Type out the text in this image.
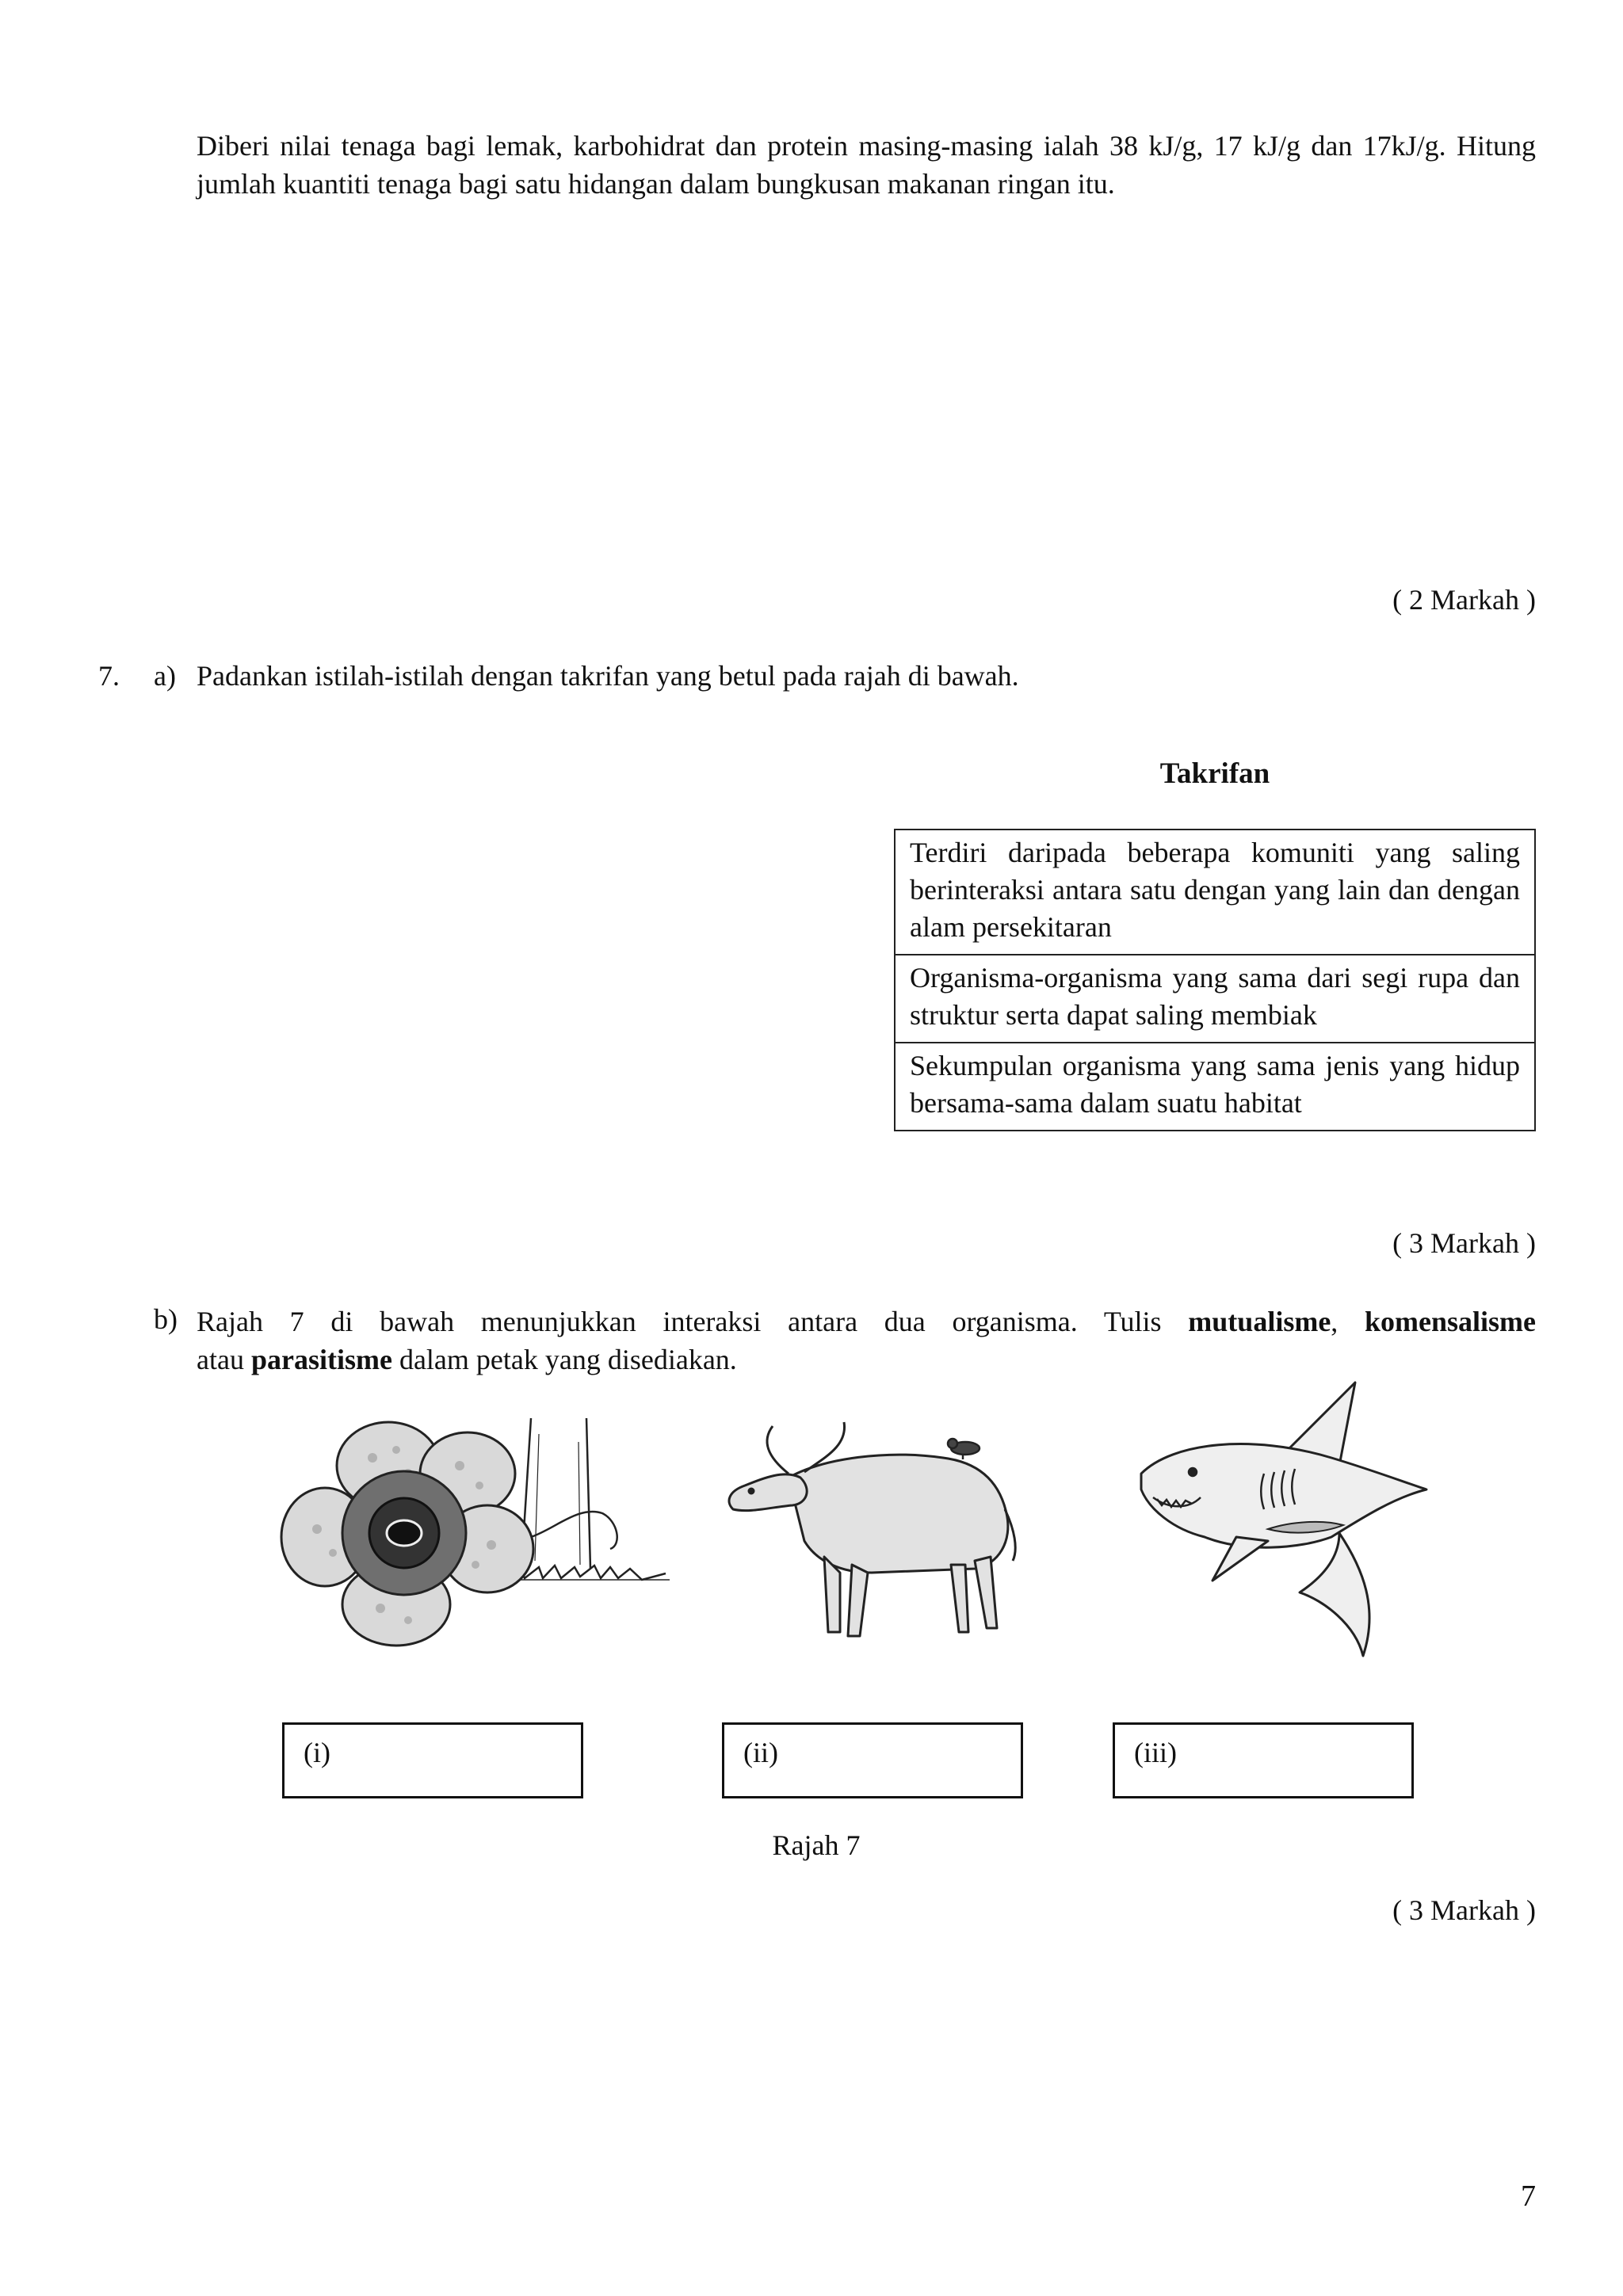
Diberi nilai tenaga bagi lemak, karbohidrat dan protein masing-masing ialah 38 kJ/g, 17 kJ/g dan 17kJ/g. Hitung jumlah kuantiti tenaga bagi satu hidangan dalam bungkusan makanan ringan itu.
( 2 Markah )
7. a) Padankan istilah-istilah dengan takrifan yang betul pada rajah di bawah.
Takrifan
Terdiri daripada beberapa komuniti yang saling berinteraksi antara satu dengan yang lain dan dengan alam persekitaran
Organisma-organisma yang sama dari segi rupa dan struktur serta dapat saling membiak
Sekumpulan organisma yang sama jenis yang hidup bersama-sama dalam suatu habitat
( 3 Markah )
b) Rajah 7 di bawah menunjukkan interaksi antara dua organisma. Tulis mutualisme, komensalisme
atau parasitisme dalam petak yang disediakan.
(i)	(ii)	(iii)
Rajah 7
( 3 Markah )
7
